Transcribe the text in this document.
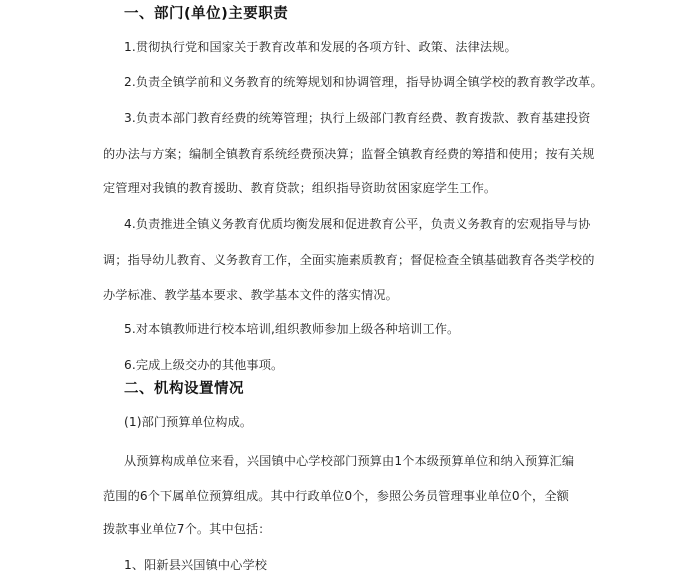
一、部门(单位)主要职责
1.贯彻执行党和国家关于教育改革和发展的各项方针、政策、法律法规。
2.负责全镇学前和义务教育的统筹规划和协调管理，指导协调全镇学校的教育教学改革。
3.负责本部门教育经费的统筹管理；执行上级部门教育经费、教育拨款、教育基建投资
的办法与方案；编制全镇教育系统经费预决算；监督全镇教育经费的筹措和使用；按有关规
定管理对我镇的教育援助、教育贷款；组织指导资助贫困家庭学生工作。
4.负责推进全镇义务教育优质均衡发展和促进教育公平，负责义务教育的宏观指导与协
调；指导幼儿教育、义务教育工作，全面实施素质教育；督促检查全镇基础教育各类学校的
办学标准、教学基本要求、教学基本文件的落实情况。
5.对本镇教师进行校本培训,组织教师参加上级各种培训工作。
6.完成上级交办的其他事项。
二、机构设置情况
(1)部门预算单位构成。
从预算构成单位来看，兴国镇中心学校部门预算由1个本级预算单位和纳入预算汇编
范围的6个下属单位预算组成。其中行政单位0个，参照公务员管理事业单位0个，全额
拨款事业单位7个。其中包括：
1、阳新县兴国镇中心学校
